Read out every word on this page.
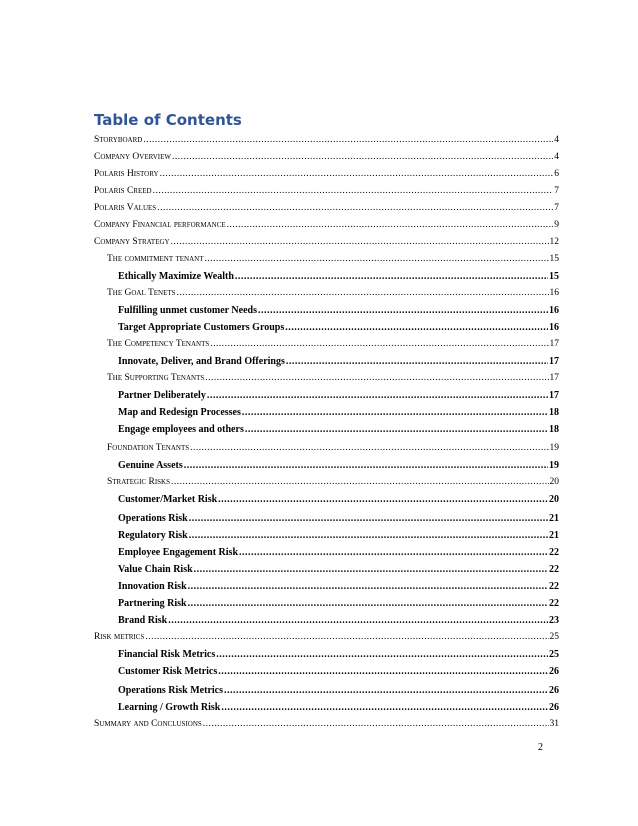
Table of Contents
Storyboard .....	4
Company Overview .....	4
Polaris History .....	6
Polaris Creed .....	7
Polaris Values .....	7
Company Financial performance .....	9
Company Strategy .....	12
The commitment tenant .....	15
Ethically Maximize Wealth .....	15
The Goal Tenets .....	16
Fulfilling unmet customer Needs .....	16
Target Appropriate Customers Groups .....	16
The Competency Tenants .....	17
Innovate, Deliver, and Brand Offerings .....	17
The Supporting Tenants .....	17
Partner Deliberately .....	17
Map and Redesign Processes .....	18
Engage employees and others .....	18
Foundation Tenants .....	19
Genuine Assets .....	19
Strategic Risks .....	20
Customer/Market Risk .....	20
Operations Risk .....	21
Regulatory Risk .....	21
Employee Engagement Risk .....	22
Value Chain Risk .....	22
Innovation Risk .....	22
Partnering Risk .....	22
Brand Risk .....	23
Risk metrics .....	25
Financial Risk Metrics .....	25
Customer Risk Metrics .....	26
Operations Risk Metrics .....	26
Learning / Growth Risk .....	26
Summary and Conclusions .....	31
2
